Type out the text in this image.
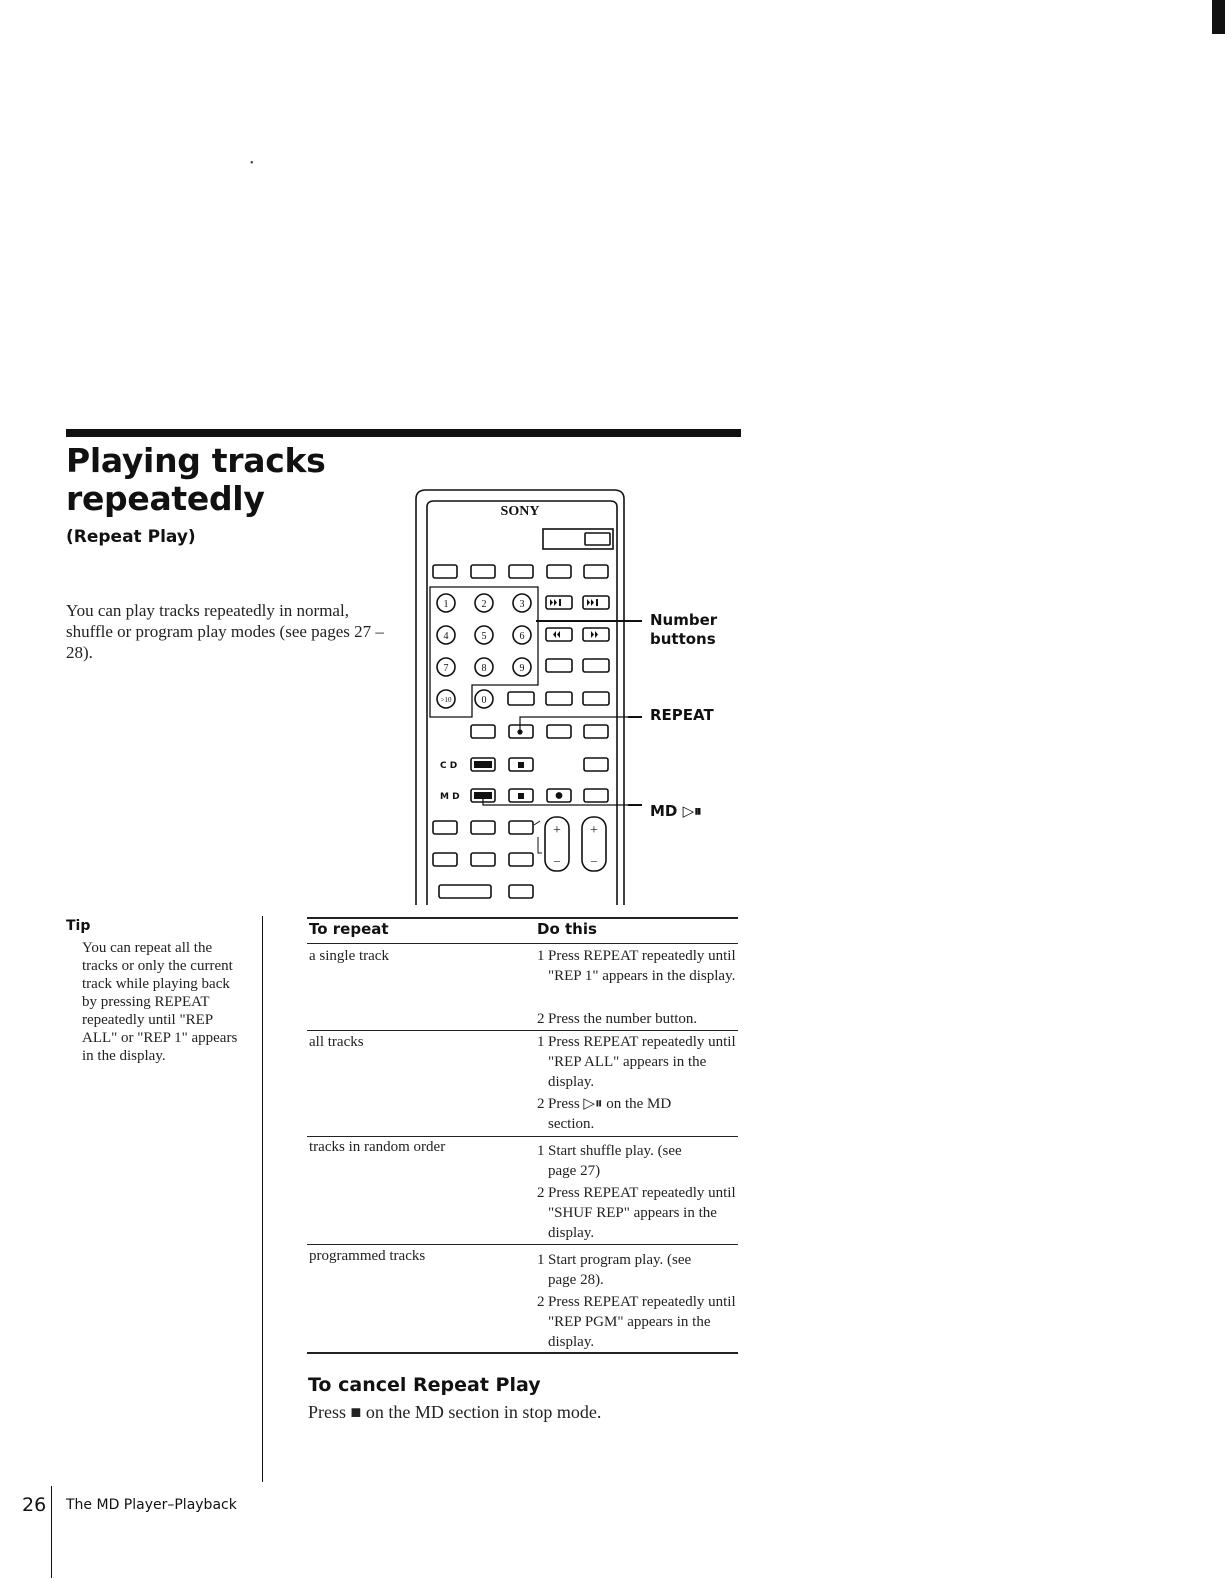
•
Playing tracks
repeatedly
(Repeat Play)
You can play tracks repeatedly in normal, shuffle or program play modes (see pages 27 – 28).
SONY
1	2	3
4	5	6
7	8	9
>10	0
C D
M D
+ +
–	–
Number
buttons
REPEAT
MD ▷⏸
Tip
You can repeat all the tracks or only the current track while playing back by pressing REPEAT repeatedly until "REP ALL" or "REP 1" appears in the display.
To repeat	Do this
a single track	1 Press REPEAT repeatedly until "REP 1" appears in the display.
2 Press the number button.
all tracks	1 Press REPEAT repeatedly until "REP ALL" appears in the display.
2 Press ▷⏸ on the MD section.
tracks in random order	1 Start shuffle play. (see page 27)
2 Press REPEAT repeatedly until "SHUF REP" appears in the display.
programmed tracks	1 Start program play. (see page 28).
2 Press REPEAT repeatedly until "REP PGM" appears in the display.
To cancel Repeat Play
Press ■ on the MD section in stop mode.
26 The MD Player–Playback
